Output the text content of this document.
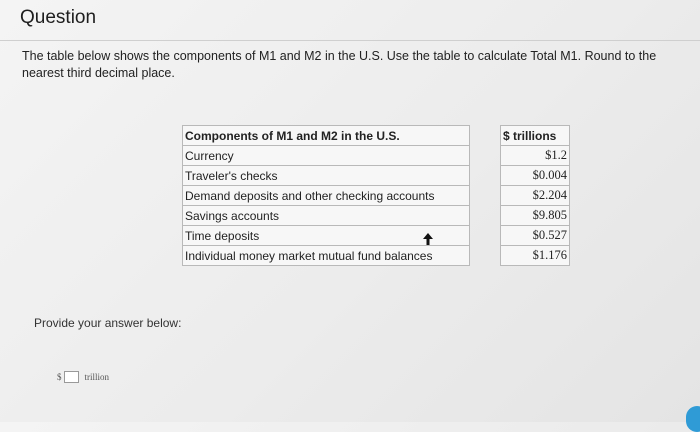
Question

The table below shows the components of M1 and M2 in the U.S. Use the table to calculate Total M1. Round to the nearest third decimal place.

Components of M1 and M2 in the U.S.		$ trillions
Currency		$1.2
Traveler's checks		$0.004
Demand deposits and other checking accounts		$2.204
Savings accounts		$9.805
Time deposits		$0.527
Individual money market mutual fund balances		$1.176
Provide your answer below:
$	trillion
